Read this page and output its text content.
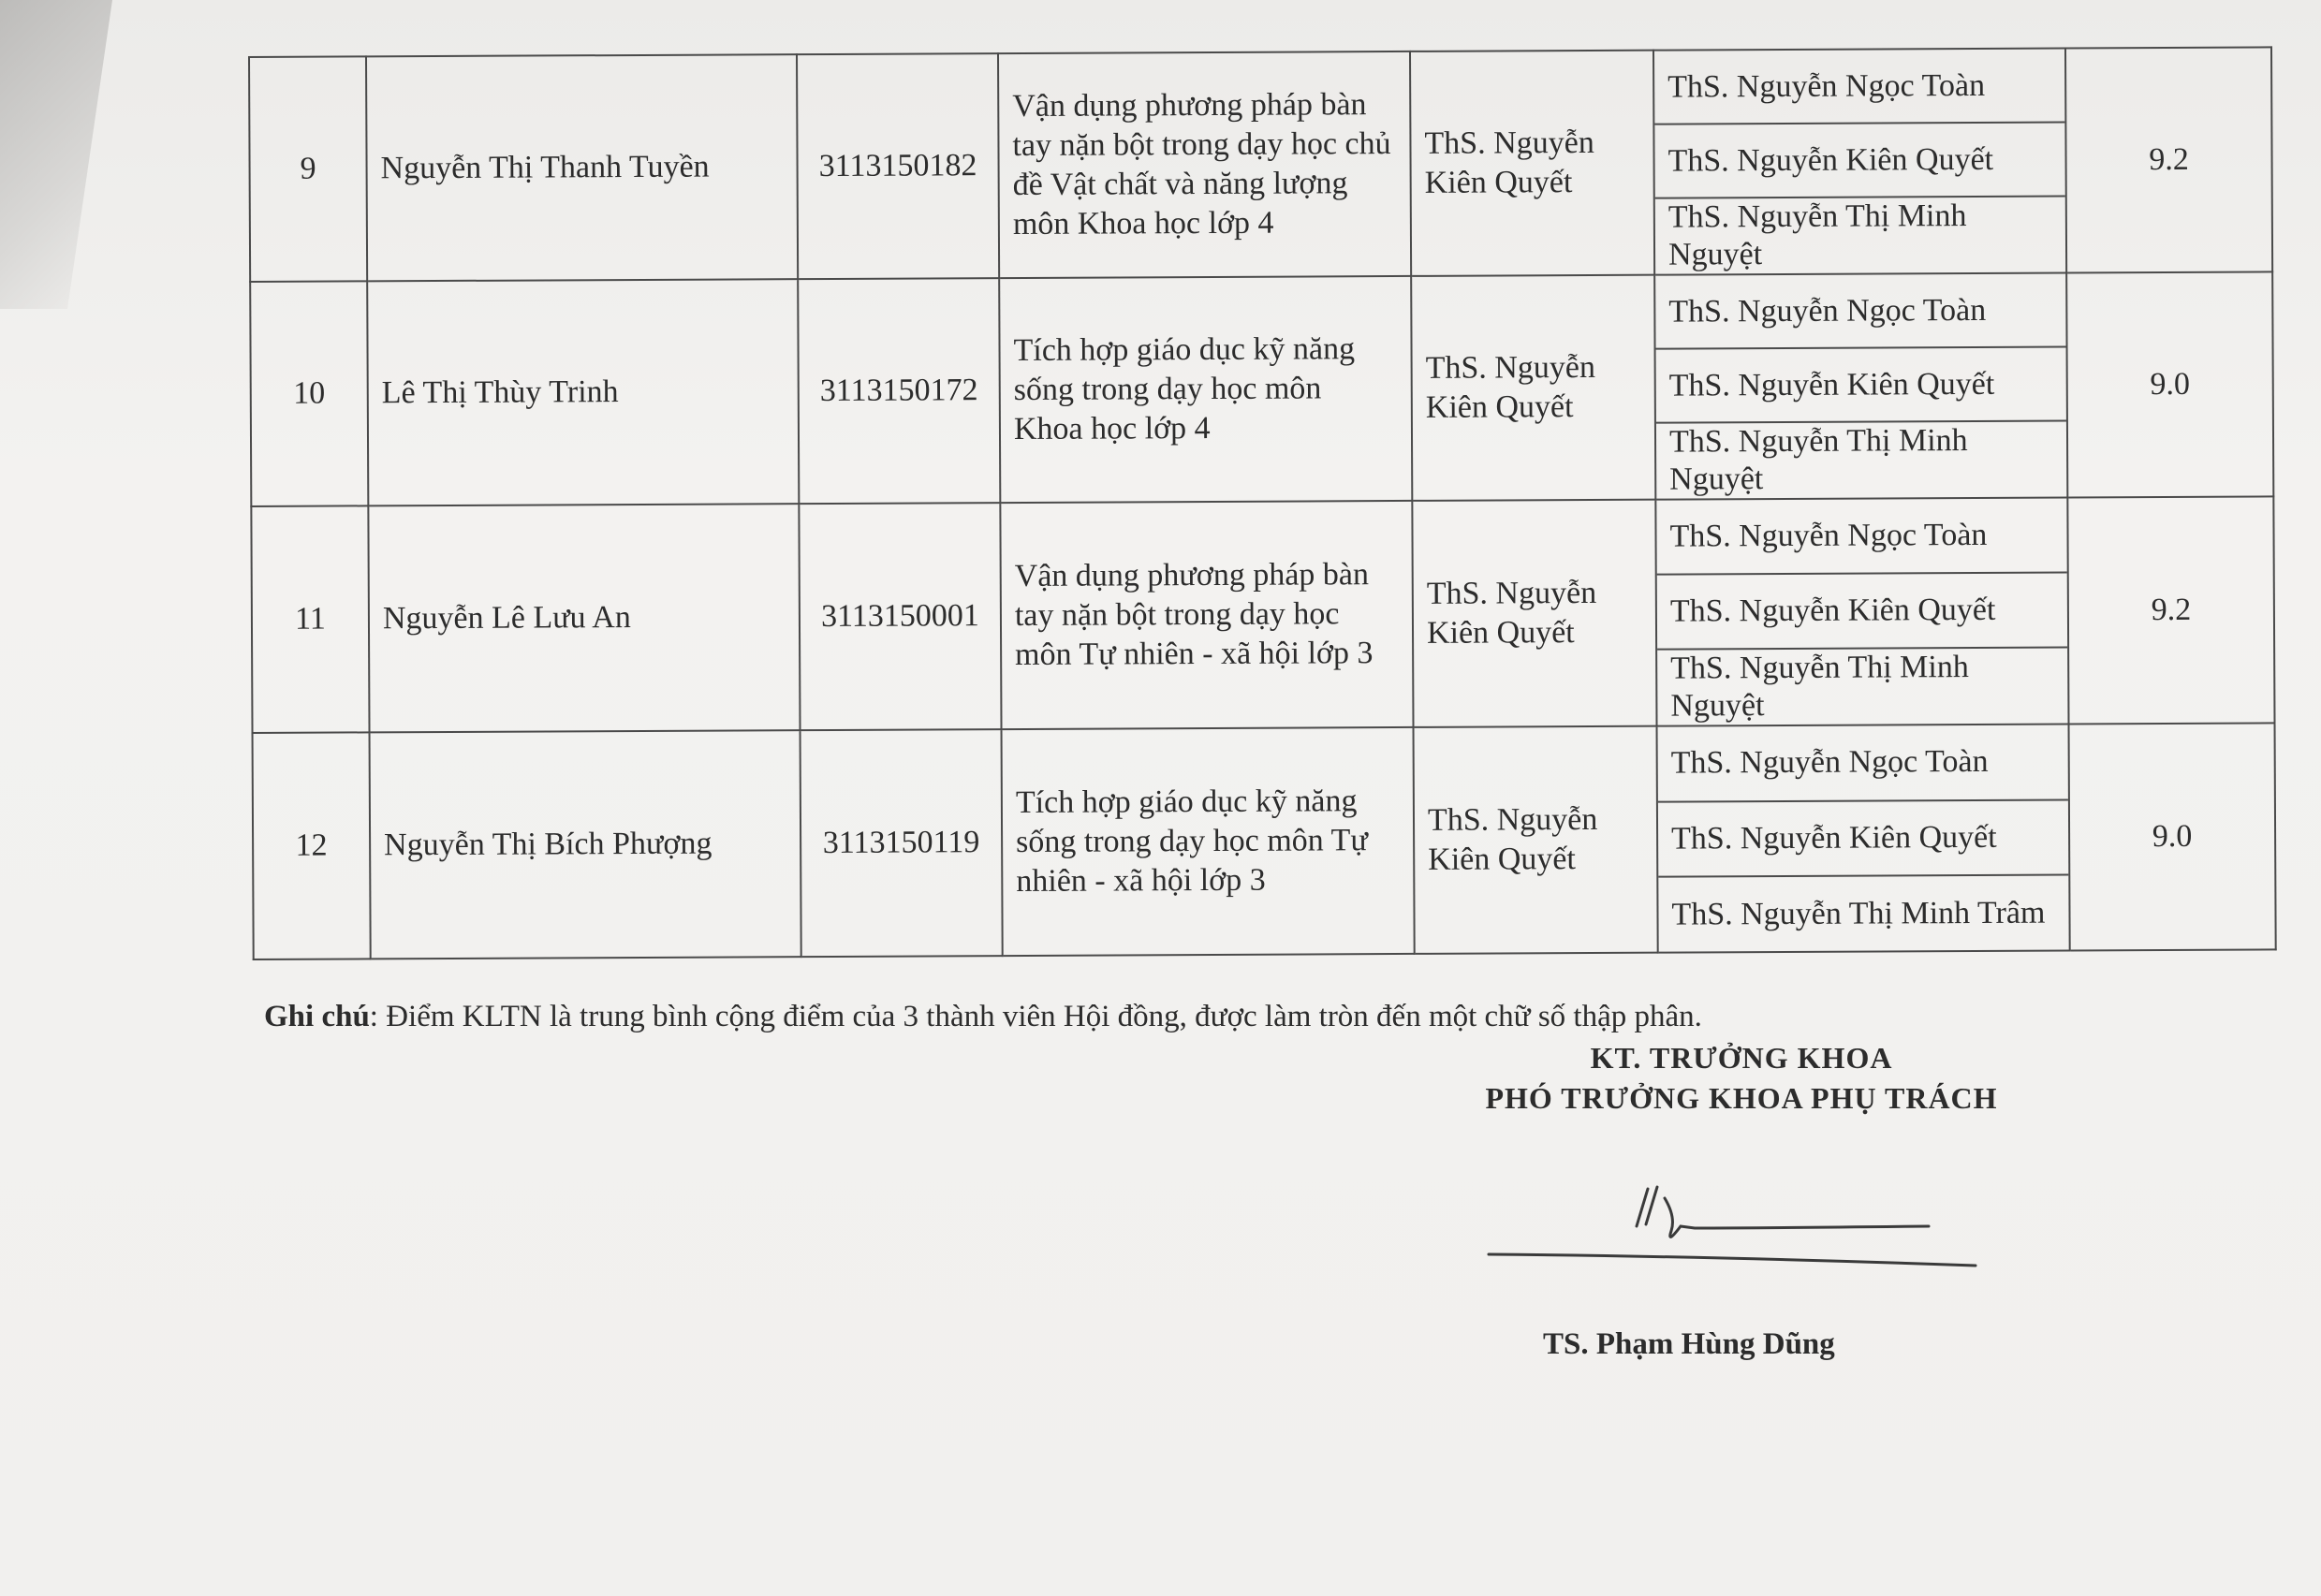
9	Nguyễn Thị Thanh Tuyền	3113150182	Vận dụng phương pháp bàn tay nặn bột trong dạy học chủ đề Vật chất và năng lượng môn Khoa học lớp 4	ThS. Nguyễn Kiên Quyết	ThS. Nguyễn Ngọc Toàn
ThS. Nguyễn Kiên Quyết
ThS. Nguyễn Thị Minh Nguyệt	9.2
10	Lê Thị Thùy Trinh	3113150172	Tích hợp giáo dục kỹ năng sống trong dạy học môn Khoa học lớp 4	ThS. Nguyễn Kiên Quyết	ThS. Nguyễn Ngọc Toàn
ThS. Nguyễn Kiên Quyết
ThS. Nguyễn Thị Minh Nguyệt	9.0
11	Nguyễn Lê Lưu An	3113150001	Vận dụng phương pháp bàn tay nặn bột trong dạy học môn Tự nhiên - xã hội lớp 3	ThS. Nguyễn Kiên Quyết	ThS. Nguyễn Ngọc Toàn
ThS. Nguyễn Kiên Quyết
ThS. Nguyễn Thị Minh Nguyệt	9.2
12	Nguyễn Thị Bích Phượng	3113150119	Tích hợp giáo dục kỹ năng sống trong dạy học môn Tự nhiên - xã hội lớp 3	ThS. Nguyễn Kiên Quyết	ThS. Nguyễn Ngọc Toàn
ThS. Nguyễn Kiên Quyết
ThS. Nguyễn Thị Minh Trâm	9.0
Ghi chú: Điểm KLTN là trung bình cộng điểm của 3 thành viên Hội đồng, được làm tròn đến một chữ số thập phân.
KT. TRƯỞNG KHOA
PHÓ TRƯỞNG KHOA PHỤ TRÁCH
TS. Phạm Hùng Dũng
